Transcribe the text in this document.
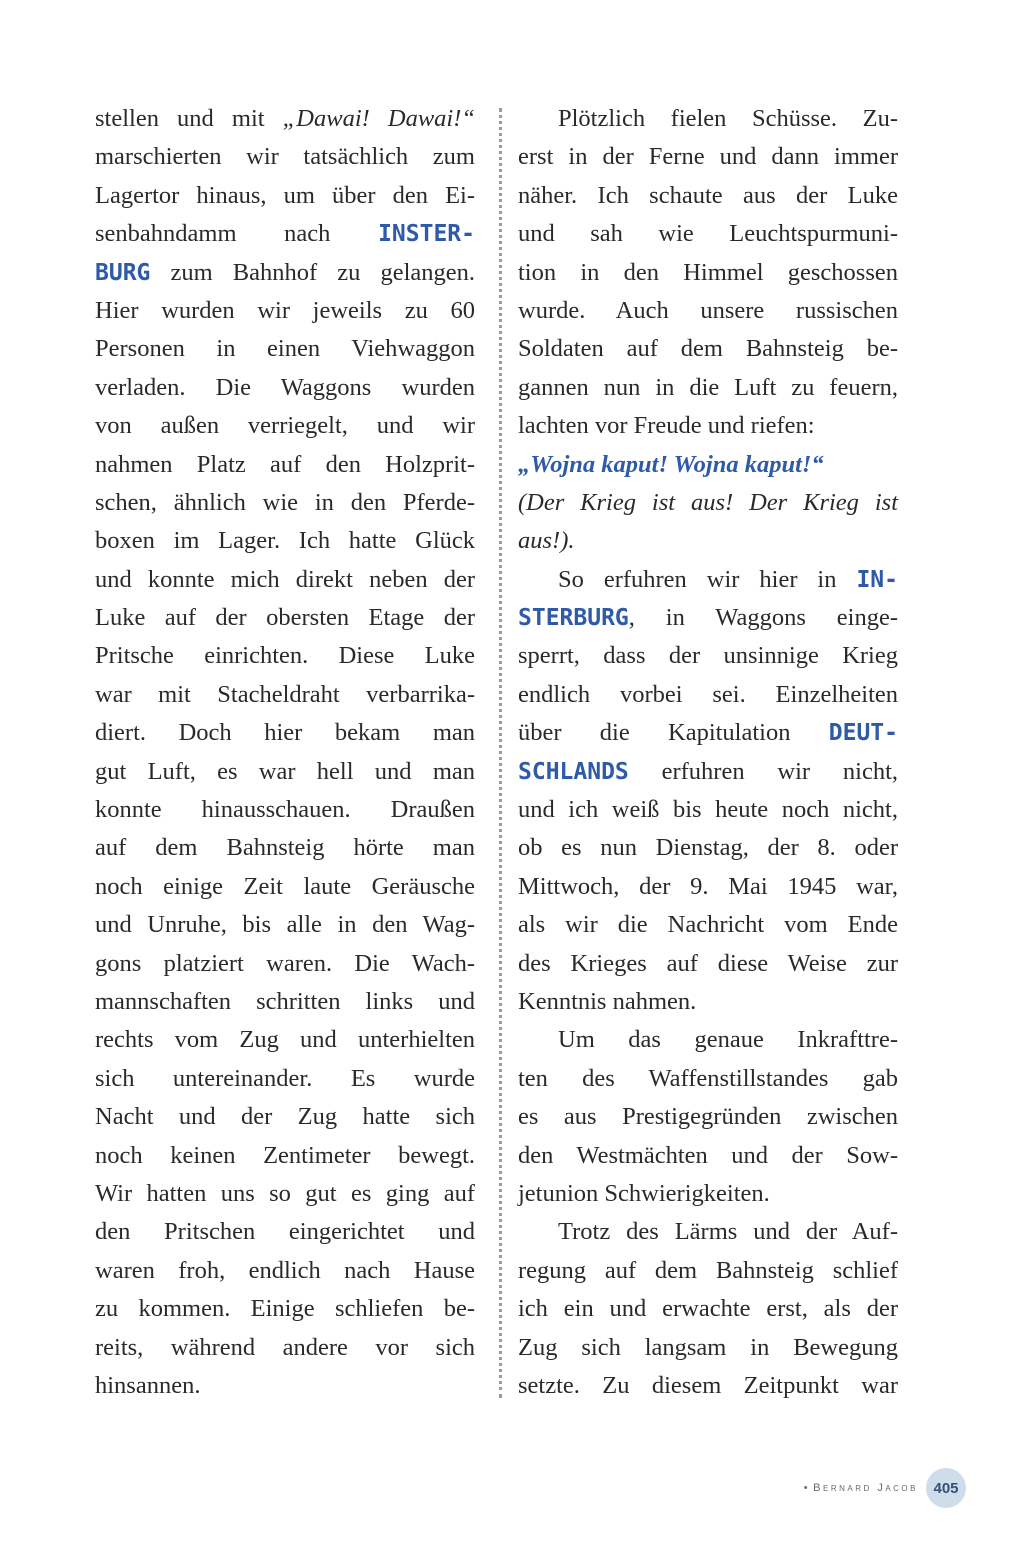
stellen und mit „Dawai! Dawai!“
marschierten wir tatsächlich zum
Lagertor hinaus, um über den Ei-
senbahndamm nach INSTER-
BURG zum Bahnhof zu gelangen.
Hier wurden wir jeweils zu 60
Personen in einen Viehwaggon
verladen. Die Waggons wurden
von außen verriegelt, und wir
nahmen Platz auf den Holzprit-
schen, ähnlich wie in den Pferde-
boxen im Lager. Ich hatte Glück
und konnte mich direkt neben der
Luke auf der obersten Etage der
Pritsche einrichten. Diese Luke
war mit Stacheldraht verbarrika-
diert. Doch hier bekam man
gut Luft, es war hell und man
konnte hinausschauen. Draußen
auf dem Bahnsteig hörte man
noch einige Zeit laute Geräusche
und Unruhe, bis alle in den Wag-
gons platziert waren. Die Wach-
mannschaften schritten links und
rechts vom Zug und unterhielten
sich untereinander. Es wurde
Nacht und der Zug hatte sich
noch keinen Zentimeter bewegt.
Wir hatten uns so gut es ging auf
den Pritschen eingerichtet und
waren froh, endlich nach Hause
zu kommen. Einige schliefen be-
reits, während andere vor sich
hinsannen.
Plötzlich fielen Schüsse. Zu-
erst in der Ferne und dann immer
näher. Ich schaute aus der Luke
und sah wie Leuchtspurmuni-
tion in den Himmel geschossen
wurde. Auch unsere russischen
Soldaten auf dem Bahnsteig be-
gannen nun in die Luft zu feuern,
lachten vor Freude und riefen:
„Wojna kaput! Wojna kaput!“
(Der Krieg ist aus! Der Krieg ist
aus!).
So erfuhren wir hier in IN-
STERBURG, in Waggons einge-
sperrt, dass der unsinnige Krieg
endlich vorbei sei. Einzelheiten
über die Kapitulation DEUT-
SCHLANDS erfuhren wir nicht,
und ich weiß bis heute noch nicht,
ob es nun Dienstag, der 8. oder
Mittwoch, der 9. Mai 1945 war,
als wir die Nachricht vom Ende
des Krieges auf diese Weise zur
Kenntnis nahmen.
Um das genaue Inkrafttre-
ten des Waffenstillstandes gab
es aus Prestigegründen zwischen
den Westmächten und der Sow-
jetunion Schwierigkeiten.
Trotz des Lärms und der Auf-
regung auf dem Bahnsteig schlief
ich ein und erwachte erst, als der
Zug sich langsam in Bewegung
setzte. Zu diesem Zeitpunkt war
• Bernard Jacob	405
